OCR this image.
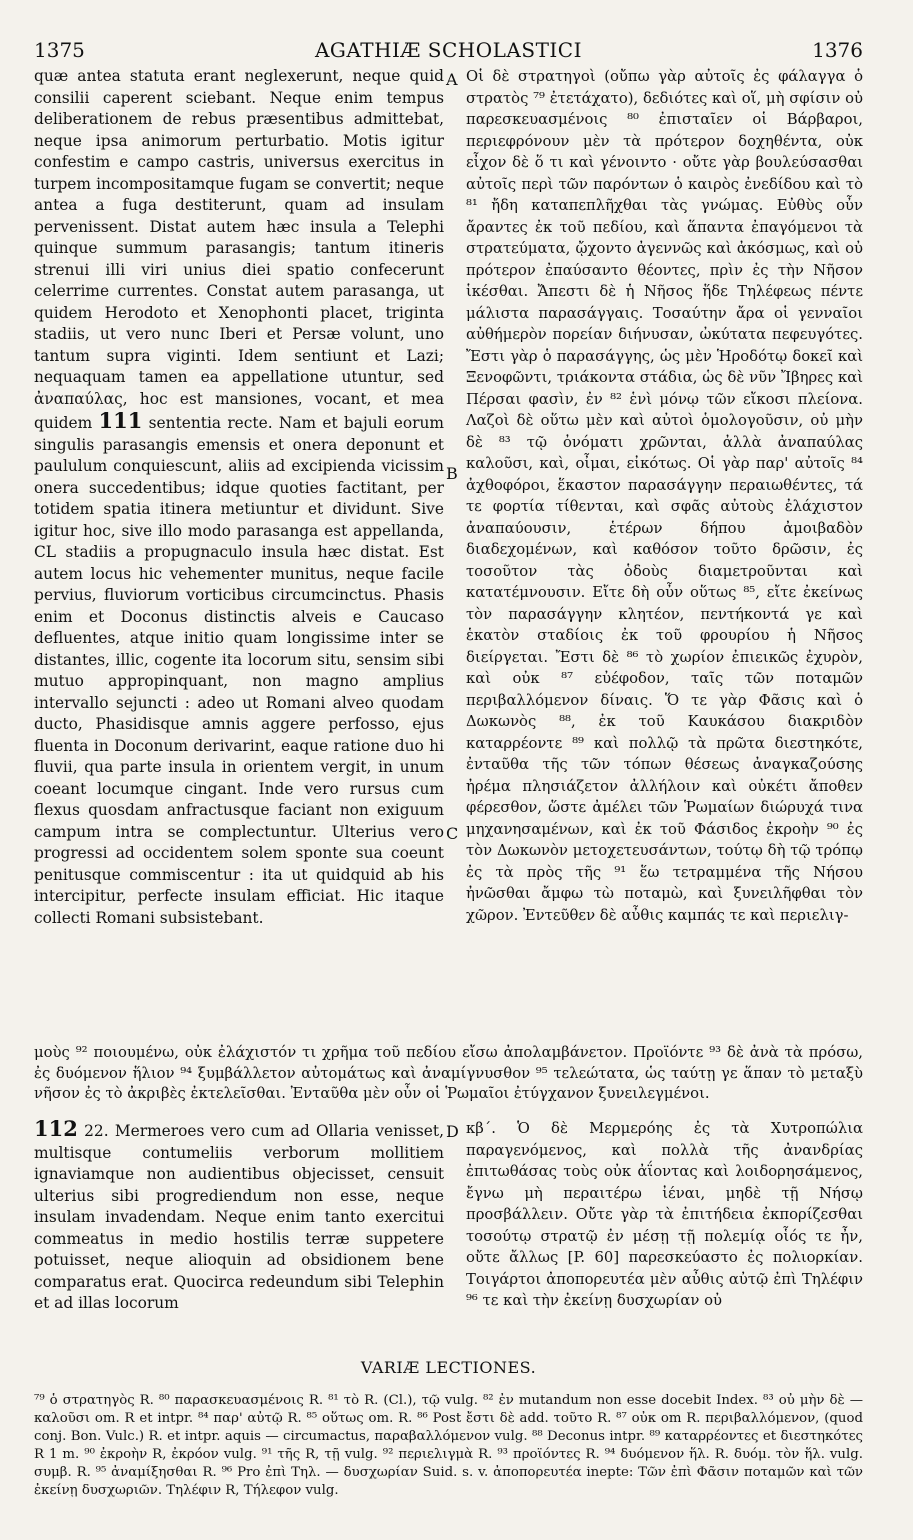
1375	AGATHIÆ SCHOLASTICI	1376

quæ antea statuta erant neglexerunt, neque quid consilii caperent sciebant. Neque enim tempus deliberationem de rebus præsentibus admittebat, neque ipsa animorum perturbatio. Motis igitur confestim e campo castris, universus exercitus in turpem incompositamque fugam se convertit; neque antea a fuga destiterunt, quam ad insulam pervenissent. Distat autem hæc insula a Telephi quinque summum parasangis; tantum itineris strenui illi viri unius diei spatio confecerunt celerrime currentes. Constat autem parasanga, ut quidem Herodoto et Xenophonti placet, triginta stadiis, ut vero nunc Iberi et Persæ volunt, uno tantum supra viginti. Idem sentiunt et Lazi; nequaquam tamen ea appellatione utuntur, sed ἀναπαύλας, hoc est mansiones, vocant, et mea quidem 111 sententia recte. Nam et bajuli eorum singulis parasangis emensis et onera deponunt et paululum conquiescunt, aliis ad excipienda vicissim onera succedentibus; idque quoties factitant, per totidem spatia itinera metiuntur et dividunt. Sive igitur hoc, sive illo modo parasanga est appellanda, CL stadiis a propugnaculo insula hæc distat. Est autem locus hic vehementer munitus, neque facile pervius, fluviorum vorticibus circumcinctus. Phasis enim et Doconus distinctis alveis e Caucaso defluentes, atque initio quam longissime inter se distantes, illic, cogente ita locorum situ, sensim sibi mutuo appropinquant, non magno amplius intervallo sejuncti : adeo ut Romani alveo quodam ducto, Phasidisque amnis aggere perfosso, ejus fluenta in Doconum derivarint, eaque ratione duo hi fluvii, qua parte insula in orientem vergit, in unum coeant locumque cingant. Inde vero rursus cum flexus quosdam anfractusque faciant non exiguum campum intra se complectuntur. Ulterius vero progressi ad occidentem solem sponte sua coeunt penitusque commiscentur : ita ut quidquid ab his intercipitur, perfecte insulam efficiat. Hic itaque collecti Romani subsistebant.

A
B
C

Οἱ δὲ στρατηγοὶ (οὔπω γὰρ αὐτοῖς ἐς φάλαγγα ὁ στρατὸς ⁷⁹ ἐτετάχατο), δεδιότες καὶ οἵ, μὴ σφίσιν οὐ παρεσκευασμένοις ⁸⁰ ἐπισταῖεν οἱ Βάρβαροι, περιεφρόνουν μὲν τὰ πρότερον δοχηθέντα, οὐκ εἶχον δὲ ὅ τι καὶ γένοιντο · οὔτε γὰρ βουλεύσασθαι αὐτοῖς περὶ τῶν παρόντων ὁ καιρὸς ἐνεδίδου καὶ τὸ ⁸¹ ἤδη καταπεπλῆχθαι τὰς γνώμας. Εὐθὺς οὖν ἄραντες ἐκ τοῦ πεδίου, καὶ ἅπαντα ἐπαγόμενοι τὰ στρατεύματα, ᾤχοντο ἀγεννῶς καὶ ἀκόσμως, καὶ οὐ πρότερον ἐπαύσαντο θέοντες, πρὶν ἐς τὴν Νῆσον ἱκέσθαι. Ἄπεστι δὲ ἡ Νῆσος ἥδε Τηλέφεως πέντε μάλιστα παρασάγγαις. Τοσαύτην ἄρα οἱ γενναῖοι αὐθήμερὸν πορείαν διήνυσαν, ὠκύτατα πεφευγότες. Ἔστι γὰρ ὁ παρασάγγης, ὡς μὲν Ἡροδότῳ δοκεῖ καὶ Ξενοφῶντι, τριάκοντα στάδια, ὡς δὲ νῦν Ἴβηρες καὶ Πέρσαι φασὶν, ἐν ⁸² ἑνὶ μόνῳ τῶν εἴκοσι πλείονα. Λαζοὶ δὲ οὕτω μὲν καὶ αὐτοὶ ὁμολογοῦσιν, οὐ μὴν δὲ ⁸³ τῷ ὀνόματι χρῶνται, ἀλλὰ ἀναπαύλας καλοῦσι, καὶ, οἶμαι, εἰκότως. Οἱ γὰρ παρ' αὐτοῖς ⁸⁴ ἀχθοφόροι, ἕκαστον παρασάγγην περαιωθέντες, τά τε φορτία τίθενται, καὶ σφᾶς αὐτοὺς ἐλάχιστον ἀναπαύουσιν, ἑτέρων δήπου ἀμοιβαδὸν διαδεχομένων, καὶ καθόσον τοῦτο δρῶσιν, ἐς τοσοῦτον τὰς ὁδοὺς διαμετροῦνται καὶ κατατέμνουσιν. Εἴτε δὴ οὖν οὕτως ⁸⁵, εἴτε ἐκείνως τὸν παρασάγγην κλητέον, πεντήκοντά γε καὶ ἑκατὸν σταδίοις ἐκ τοῦ φρουρίου ἡ Νῆσος διείργεται. Ἔστι δὲ ⁸⁶ τὸ χωρίον ἐπιεικῶς ἐχυρὸν, καὶ οὐκ ⁸⁷ εὐέφοδον, ταῖς τῶν ποταμῶν περιβαλλόμενον δίναις. Ὅ τε γὰρ Φᾶσις καὶ ὁ Δωκωνὸς ⁸⁸, ἐκ τοῦ Καυκάσου διακριδὸν καταρρέοντε ⁸⁹ καὶ πολλῷ τὰ πρῶτα διεστηκότε, ἐνταῦθα τῆς τῶν τόπων θέσεως ἀναγκαζούσης ἠρέμα πλησιάζετον ἀλλήλοιν καὶ οὐκέτι ἄποθεν φέρεσθον, ὥστε ἀμέλει τῶν Ῥωμαίων διώρυχά τινα μηχανησαμένων, καὶ ἐκ τοῦ Φάσιδος ἐκροὴν ⁹⁰ ἐς τὸν Δωκωνὸν μετοχετευσάντων, τούτῳ δὴ τῷ τρόπῳ ἐς τὰ πρὸς τῆς ⁹¹ ἕω τετραμμένα τῆς Νήσου ἠνῶσθαι ἄμφω τὼ ποταμὼ, καὶ ξυνειλῆφθαι τὸν χῶρον. Ἐντεῦθεν δὲ αὖθις καμπάς τε καὶ περιελιγ-

μοὺς ⁹² ποιουμένω, οὐκ ἐλάχιστόν τι χρῆμα τοῦ πεδίου εἴσω ἀπολαμβάνετον. Προϊόντε ⁹³ δὲ ἀνὰ τὰ πρόσω, ἐς δυόμενον ἥλιον ⁹⁴ ξυμβάλλετον αὐτομάτως καὶ ἀναμίγνυσθον ⁹⁵ τελεώτατα, ὡς ταύτῃ γε ἅπαν τὸ μεταξὺ νῆσον ἐς τὸ ἀκριβὲς ἐκτελεῖσθαι. Ἐνταῦθα μὲν οὖν οἱ Ῥωμαῖοι ἐτύγχανον ξυνειλεγμένοι.

112 22. Mermeroes vero cum ad Ollaria venisset, multisque contumeliis verborum mollitiem ignaviamque non audientibus objecisset, censuit ulterius sibi progrediendum non esse, neque insulam invadendam. Neque enim tanto exercitui commeatus in medio hostilis terræ suppetere potuisset, neque alioquin ad obsidionem bene comparatus erat. Quocirca redeundum sibi Telephin et ad illas locorum

D κβ΄. Ὁ δὲ Μερμερόης ἐς τὰ Χυτροπώλια παραγενόμενος, καὶ πολλὰ τῆς ἀνανδρίας ἐπιτωθάσας τοὺς οὐκ ἀΐοντας καὶ λοιδορησάμενος, ἔγνω μὴ περαιτέρω ἰέναι, μηδὲ τῇ Νήσῳ προσβάλλειν. Οὔτε γὰρ τὰ ἐπιτήδεια ἐκπορίζεσθαι τοσούτῳ στρατῷ ἐν μέσῃ τῇ πολεμίᾳ οἷός τε ἦν, οὔτε ἄλλως [P. 60] παρεσκεύαστο ἐς πολιορκίαν. Τοιγάρτοι ἀποπορευτέα μὲν αὖθις αὐτῷ ἐπὶ Τηλέφιν ⁹⁶ τε καὶ τὴν ἐκείνῃ δυσχωρίαν οὐ

VARIÆ LECTIONES.

⁷⁹ ὁ στρατηγὸς R. ⁸⁰ παρασκευασμένοις R. ⁸¹ τὸ R. (Cl.), τῷ vulg. ⁸² ἐν mutandum non esse docebit Index. ⁸³ οὐ μὴν δὲ — καλοῦσι om. R et intpr. ⁸⁴ παρ' αὐτῷ R. ⁸⁵ οὕτως om. R. ⁸⁶ Post ἔστι δὲ add. τοῦτο R. ⁸⁷ οὐκ om R. περιβαλλόμενον, (quod conj. Bon. Vulc.) R. et intpr. aquis — circumactus, παραβαλλόμενον vulg. ⁸⁸ Deconus intpr. ⁸⁹ καταρρέοντες et διεστηκότες R 1 m. ⁹⁰ ἐκροὴν R, ἐκρόον vulg. ⁹¹ τῆς R, τῇ vulg. ⁹² περιελιγμὰ R. ⁹³ προϊόντες R. ⁹⁴ δυόμενον ἥλ. R. δυόμ. τὸν ἥλ. vulg. συμβ. R. ⁹⁵ ἀναμίξησθαι R. ⁹⁶ Pro ἐπὶ Τηλ. — δυσχωρίαν Suid. s. v. ἀποπορευτέα inepte: Τῶν ἐπὶ Φᾶσιν ποταμῶν καὶ τῶν ἐκείνῃ δυσχωριῶν. Τηλέφιν R, Τήλεφον vulg.
